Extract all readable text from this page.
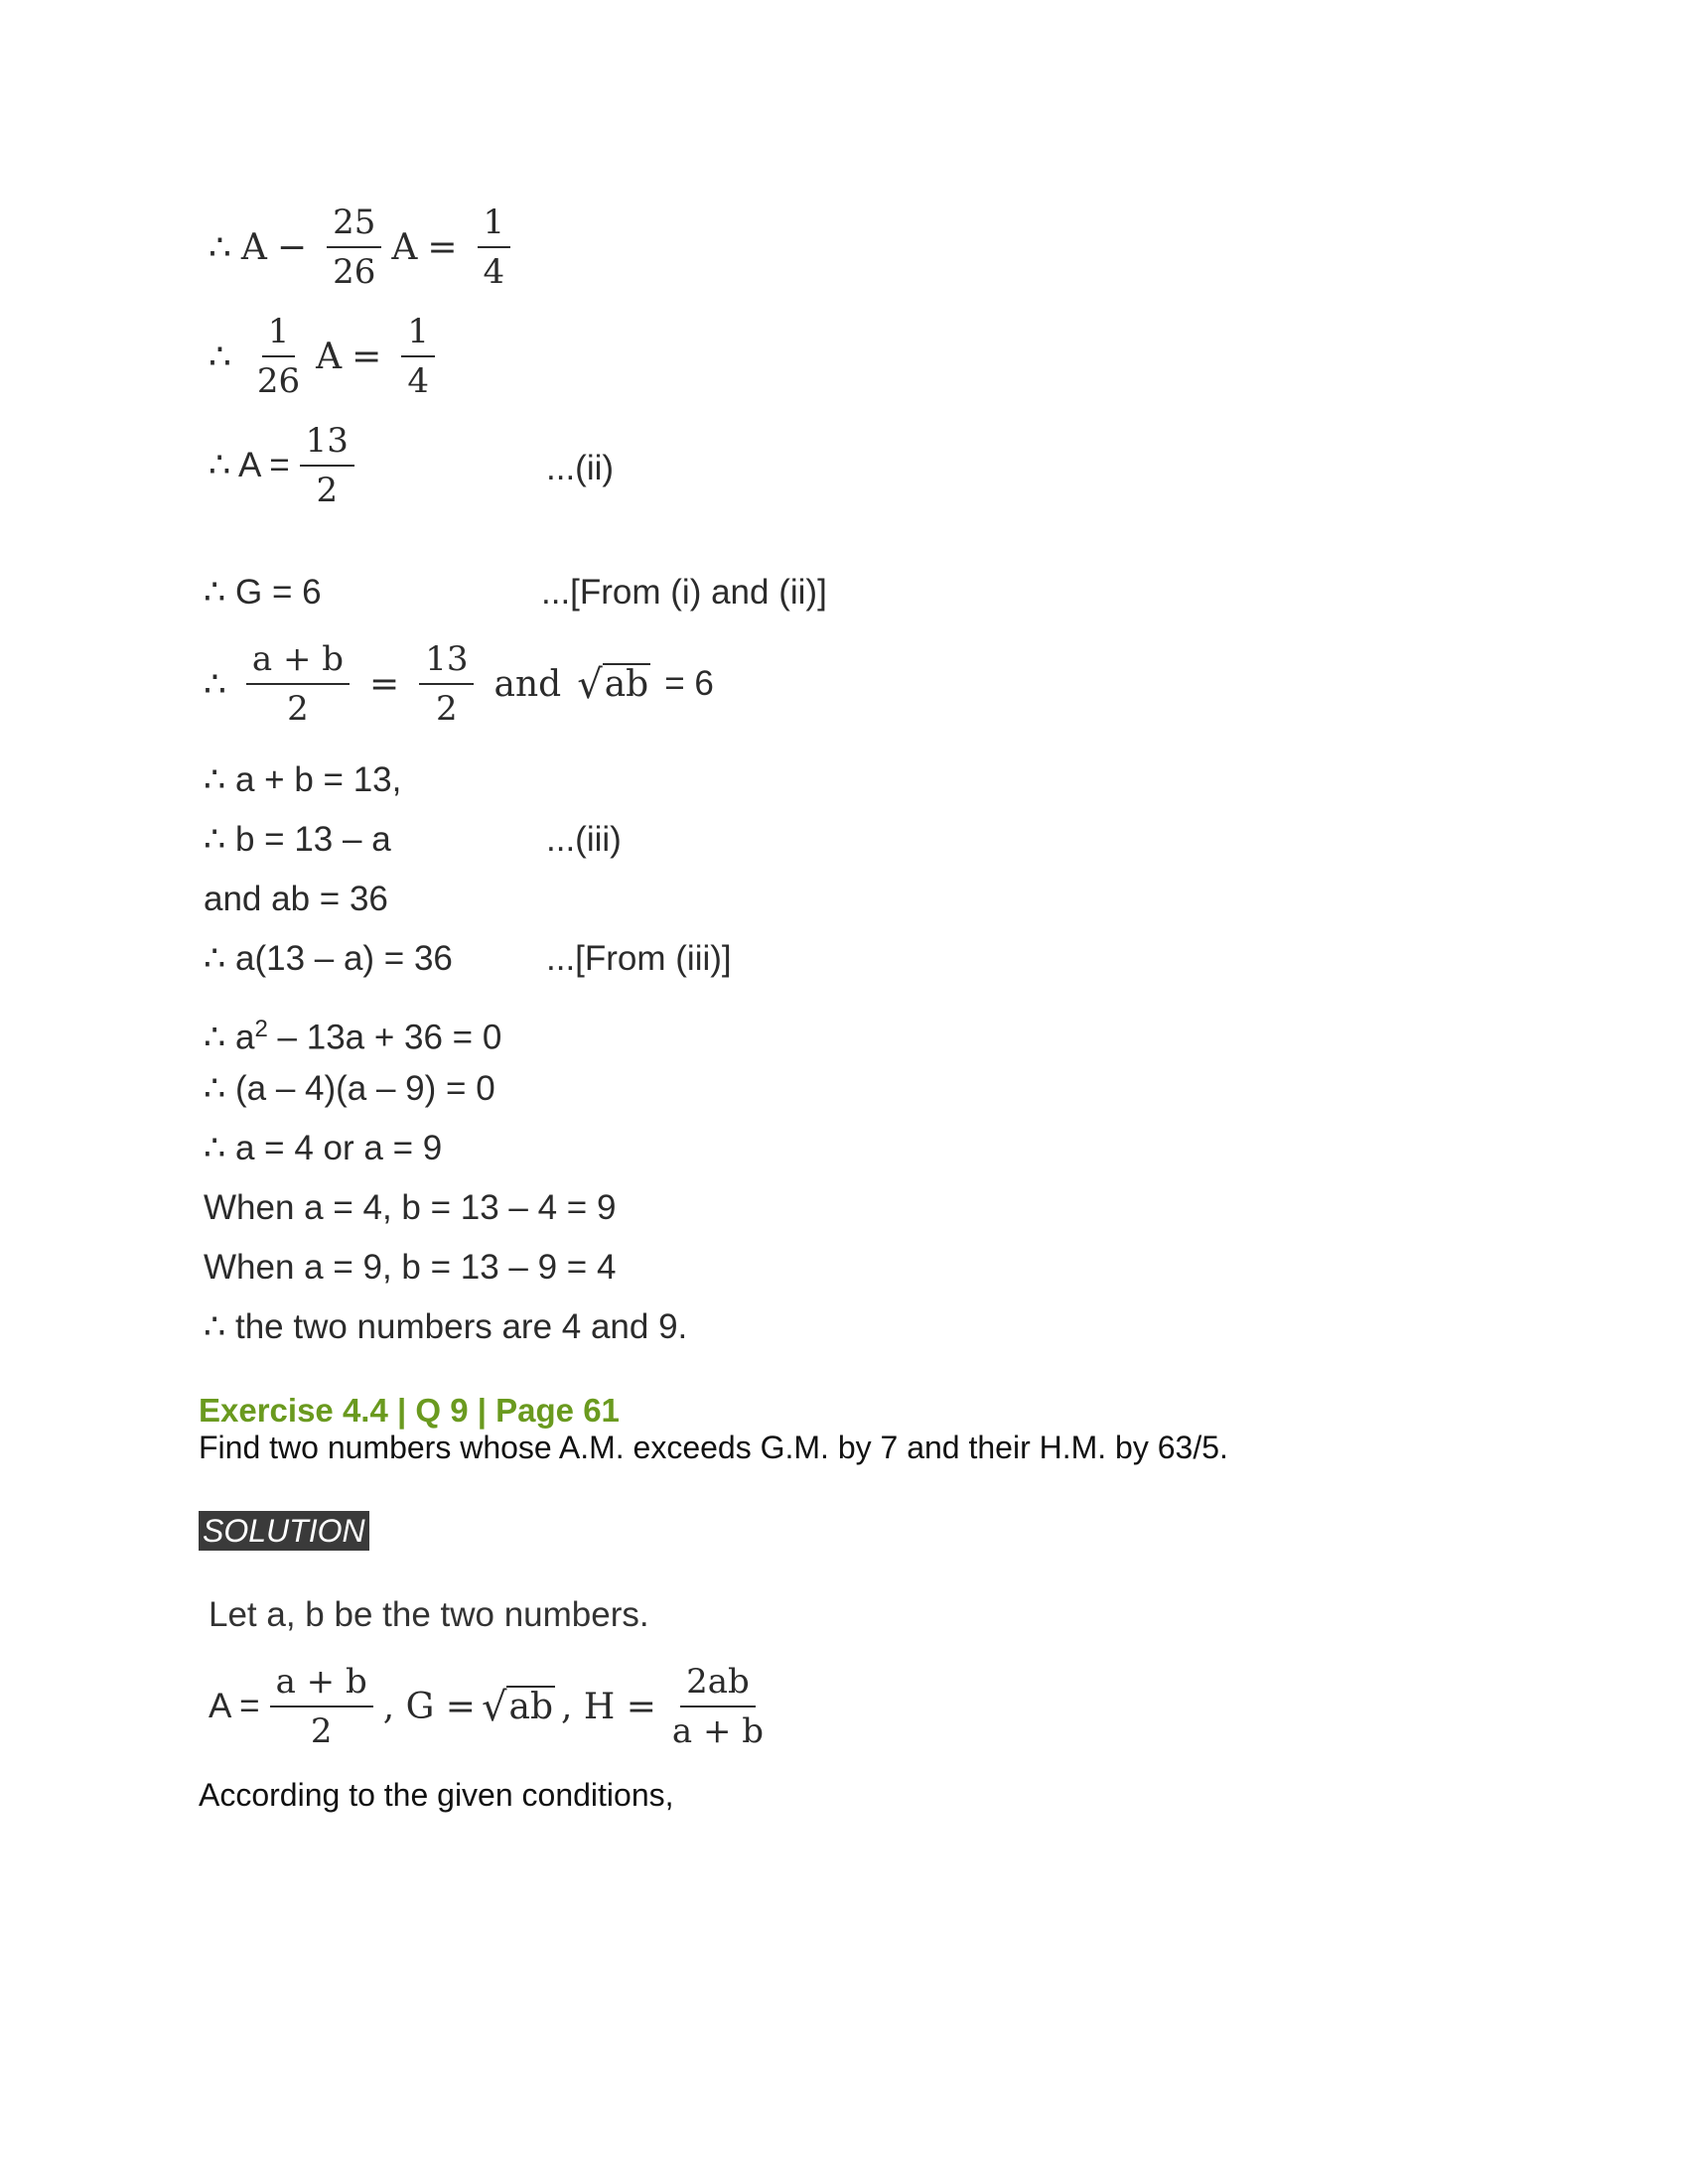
∴ $A - \frac{25}{26}$ $A = \frac{1}{4}$
∴ $\frac{1}{26}$ $A = \frac{1}{4}$
∴ $A = \frac{13}{2}$	...(ii)
∴ G = 6	...[From (i) and (ii)]
∴ $\frac{a + b}{2} = \frac{13}{2}$ and √ ab = 6
∴ a + b = 13,
∴ b = 13 – a	...(iii)
and ab = 36
∴ a(13 – a) = 36	...[From (iii)]
∴ $a^2 - 13a + 36 = 0$
∴ (a – 4)(a – 9) = 0
∴ a = 4 or a = 9
When a = 4, b = 13 – 4 = 9
When a = 9, b = 13 – 9 = 4
∴ the two numbers are 4 and 9.
Exercise 4.4 | Q 9 | Page 61
Find two numbers whose A.M. exceeds G.M. by 7 and their H.M. by 63/5.
SOLUTION
Let a, b be the two numbers.
$A = \frac{a + b}{2}$ , G = √ ab , $H = \frac{2ab}{a + b}$
According to the given conditions,
